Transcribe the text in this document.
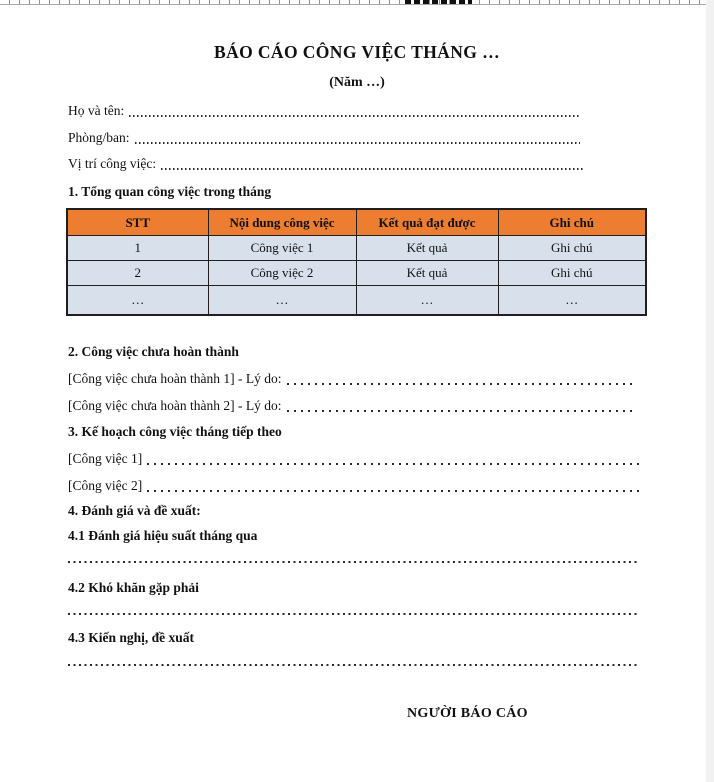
BÁO CÁO CÔNG VIỆC THÁNG …
(Năm …)
Họ và tên:
Phòng/ban:
Vị trí công việc:
1. Tổng quan công việc trong tháng
STT	Nội dung công việc	Kết quả đạt được	Ghi chú
1	Công việc 1	Kết quả	Ghi chú
2	Công việc 2	Kết quả	Ghi chú
…	…	…	…
2. Công việc chưa hoàn thành
[Công việc chưa hoàn thành 1] - Lý do:
[Công việc chưa hoàn thành 2] - Lý do:
3. Kế hoạch công việc tháng tiếp theo
[Công việc 1]
[Công việc 2]
4. Đánh giá và đề xuất:
4.1 Đánh giá hiệu suất tháng qua
4.2 Khó khăn gặp phải
4.3 Kiến nghị, đề xuất
NGƯỜI BÁO CÁO
